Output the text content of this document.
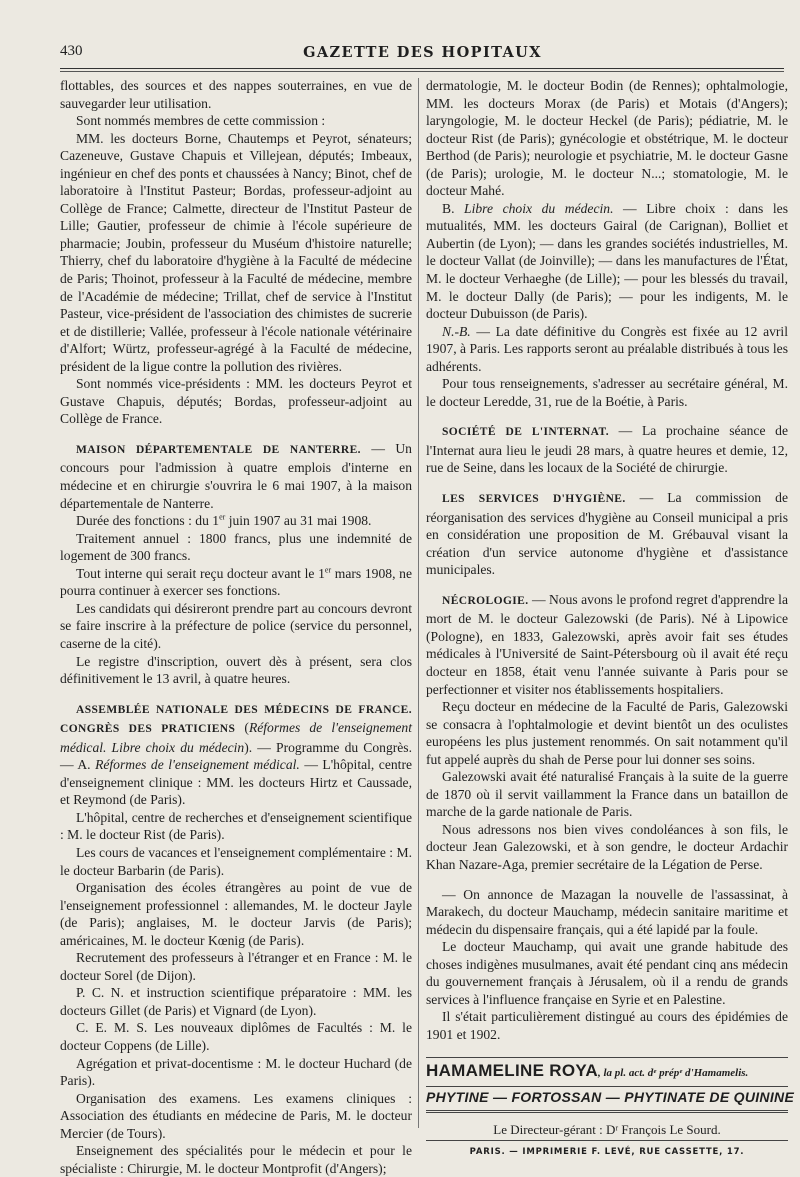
430	GAZETTE DES HOPITAUX

flottables, des sources et des nappes souterraines, en vue de sauvegarder leur utilisation.

Sont nommés membres de cette commission :

MM. les docteurs Borne, Chautemps et Peyrot, sénateurs; Cazeneuve, Gustave Chapuis et Villejean, députés; Imbeaux, ingénieur en chef des ponts et chaussées à Nancy; Binot, chef de laboratoire à l'Institut Pasteur; Bordas, professeur-adjoint au Collège de France; Calmette, directeur de l'Institut Pasteur de Lille; Gautier, professeur de chimie à l'école supérieure de pharmacie; Joubin, professeur du Muséum d'histoire naturelle; Thierry, chef du laboratoire d'hygiène à la Faculté de médecine de Paris; Thoinot, professeur à la Faculté de médecine, membre de l'Académie de médecine; Trillat, chef de service à l'Institut Pasteur, vice-président de l'association des chimistes de sucrerie et de distillerie; Vallée, professeur à l'école nationale vétérinaire d'Alfort; Würtz, professeur-agrégé à la Faculté de médecine, président de la ligue contre la pollution des rivières.

Sont nommés vice-présidents : MM. les docteurs Peyrot et Gustave Chapuis, députés; Bordas, professeur-adjoint au Collège de France.

MAISON DÉPARTEMENTALE DE NANTERRE. — Un concours pour l'admission à quatre emplois d'interne en médecine et en chirurgie s'ouvrira le 6 mai 1907, à la maison départementale de Nanterre.

Durée des fonctions : du 1er juin 1907 au 31 mai 1908.

Traitement annuel : 1800 francs, plus une indemnité de logement de 300 francs.

Tout interne qui serait reçu docteur avant le 1er mars 1908, ne pourra continuer à exercer ses fonctions.

Les candidats qui désireront prendre part au concours devront se faire inscrire à la préfecture de police (service du personnel, caserne de la cité).

Le registre d'inscription, ouvert dès à présent, sera clos définitivement le 13 avril, à quatre heures.

ASSEMBLÉE NATIONALE DES MÉDECINS DE FRANCE. CONGRÈS DES PRATICIENS (Réformes de l'enseignement médical. Libre choix du médecin). — Programme du Congrès. — A. Réformes de l'enseignement médical. — L'hôpital, centre d'enseignement clinique : MM. les docteurs Hirtz et Caussade, et Reymond (de Paris).

L'hôpital, centre de recherches et d'enseignement scientifique : M. le docteur Rist (de Paris).

Les cours de vacances et l'enseignement complémentaire : M. le docteur Barbarin (de Paris).

Organisation des écoles étrangères au point de vue de l'enseignement professionnel : allemandes, M. le docteur Jayle (de Paris); anglaises, M. le docteur Jarvis (de Paris); américaines, M. le docteur Kœnig (de Paris).

Recrutement des professeurs à l'étranger et en France : M. le docteur Sorel (de Dijon).

P. C. N. et instruction scientifique préparatoire : MM. les docteurs Gillet (de Paris) et Vignard (de Lyon).

C. E. M. S. Les nouveaux diplômes de Facultés : M. le docteur Coppens (de Lille).

Agrégation et privat-docentisme : M. le docteur Huchard (de Paris).

Organisation des examens. Les examens cliniques : Association des étudiants en médecine de Paris, M. le docteur Mercier (de Tours).

Enseignement des spécialités pour le médecin et pour le spécialiste : Chirurgie, M. le docteur Montprofit (d'Angers);

dermatologie, M. le docteur Bodin (de Rennes); ophtalmologie, MM. les docteurs Morax (de Paris) et Motais (d'Angers); laryngologie, M. le docteur Heckel (de Paris); pédiatrie, M. le docteur Rist (de Paris); gynécologie et obstétrique, M. le docteur Berthod (de Paris); neurologie et psychiatrie, M. le docteur Gasne (de Paris); urologie, M. le docteur N...; stomatologie, M. le docteur Mahé.

B. Libre choix du médecin. — Libre choix : dans les mutualités, MM. les docteurs Gairal (de Carignan), Bolliet et Aubertin (de Lyon); — dans les grandes sociétés industrielles, M. le docteur Vallat (de Joinville); — dans les manufactures de l'État, M. le docteur Verhaeghe (de Lille); — pour les blessés du travail, M. le docteur Dally (de Paris); — pour les indigents, M. le docteur Dubuisson (de Paris).

N.-B. — La date définitive du Congrès est fixée au 12 avril 1907, à Paris. Les rapports seront au préalable distribués à tous les adhérents.

Pour tous renseignements, s'adresser au secrétaire général, M. le docteur Leredde, 31, rue de la Boétie, à Paris.

SOCIÉTÉ DE L'INTERNAT. — La prochaine séance de l'Internat aura lieu le jeudi 28 mars, à quatre heures et demie, 12, rue de Seine, dans les locaux de la Société de chirurgie.

LES SERVICES D'HYGIÈNE. — La commission de réorganisation des services d'hygiène au Conseil municipal a pris en considération une proposition de M. Grébauval visant la création d'un service autonome d'hygiène et d'assistance municipales.

NÉCROLOGIE. — Nous avons le profond regret d'apprendre la mort de M. le docteur Galezowski (de Paris). Né à Lipowice (Pologne), en 1833, Galezowski, après avoir fait ses études médicales à l'Université de Saint-Pétersbourg où il avait été reçu docteur en 1858, était venu l'année suivante à Paris pour se perfectionner et visiter nos établissements hospitaliers.

Reçu docteur en médecine de la Faculté de Paris, Galezowski se consacra à l'ophtalmologie et devint bientôt un des oculistes européens les plus justement renommés. On sait notamment qu'il fut appelé auprès du shah de Perse pour lui donner ses soins.

Galezowski avait été naturalisé Français à la suite de la guerre de 1870 où il servit vaillamment la France dans un bataillon de marche de la garde nationale de Paris.

Nous adressons nos bien vives condoléances à son fils, le docteur Jean Galezowski, et à son gendre, le docteur Ardachir Khan Nazare-Aga, premier secrétaire de la Légation de Perse.

— On annonce de Mazagan la nouvelle de l'assassinat, à Marakech, du docteur Mauchamp, médecin sanitaire maritime et médecin du dispensaire français, qui a été lapidé par la foule.

Le docteur Mauchamp, qui avait une grande habitude des choses indigènes musulmanes, avait été pendant cinq ans médecin du gouvernement français à Jérusalem, où il a rendu de grands services à l'influence française en Syrie et en Palestine.

Il s'était particulièrement distingué au cours des épidémies de 1901 et 1902.

HAMAMELINE ROYA, la pl. act. dᵉ prépᵉ d'Hamamelis.
PHYTINE — FORTOSSAN — PHYTINATE DE QUININE
Le Directeur-gérant : Dʳ François Le Sourd.
PARIS. — IMPRIMERIE F. LEVÉ, RUE CASSETTE, 17.
